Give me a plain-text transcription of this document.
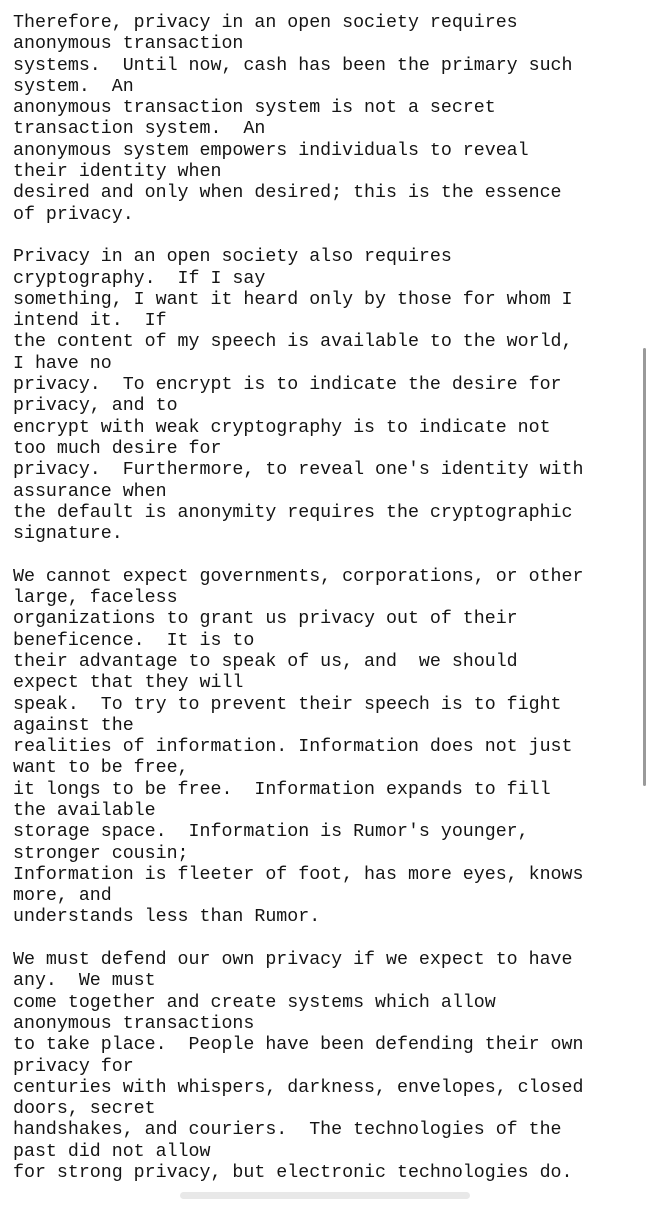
Therefore, privacy in an open society requires
anonymous transaction
systems.  Until now, cash has been the primary such
system.  An
anonymous transaction system is not a secret
transaction system.  An
anonymous system empowers individuals to reveal
their identity when
desired and only when desired; this is the essence
of privacy.
Privacy in an open society also requires
cryptography.  If I say
something, I want it heard only by those for whom I
intend it.  If
the content of my speech is available to the world,
I have no
privacy.  To encrypt is to indicate the desire for
privacy, and to
encrypt with weak cryptography is to indicate not
too much desire for
privacy.  Furthermore, to reveal one's identity with
assurance when
the default is anonymity requires the cryptographic
signature.
We cannot expect governments, corporations, or other
large, faceless
organizations to grant us privacy out of their
beneficence.  It is to
their advantage to speak of us, and  we should
expect that they will
speak.  To try to prevent their speech is to fight
against the
realities of information. Information does not just
want to be free,
it longs to be free.  Information expands to fill
the available
storage space.  Information is Rumor's younger,
stronger cousin;
Information is fleeter of foot, has more eyes, knows
more, and
understands less than Rumor.
We must defend our own privacy if we expect to have
any.  We must
come together and create systems which allow
anonymous transactions
to take place.  People have been defending their own
privacy for
centuries with whispers, darkness, envelopes, closed
doors, secret
handshakes, and couriers.  The technologies of the
past did not allow
for strong privacy, but electronic technologies do.
